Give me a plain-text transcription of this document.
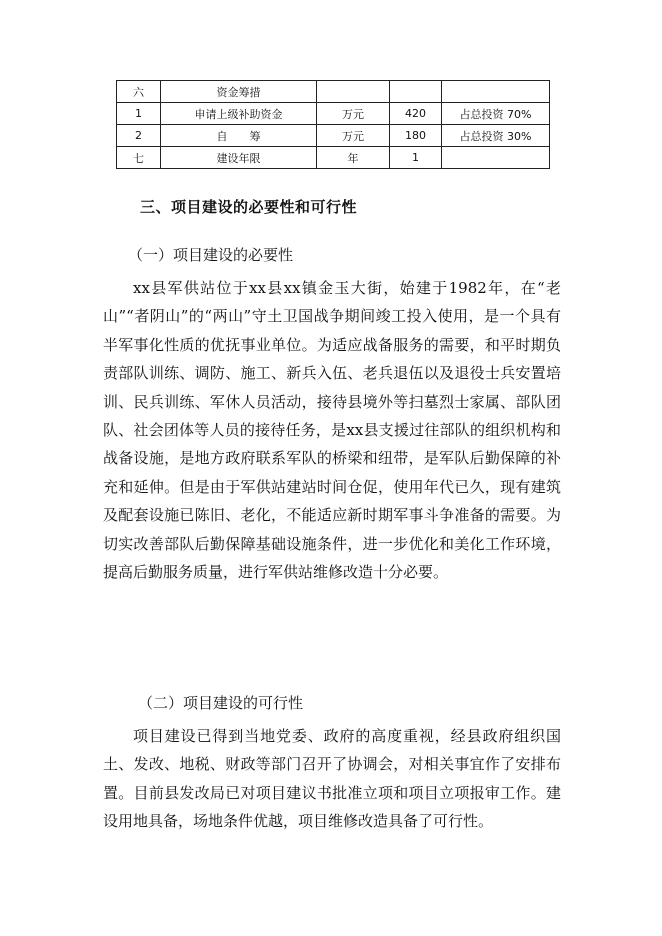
六	资金筹措			
1	申请上级补助资金	万元	420	占总投资 70%
2	自　　筹	万元	180	占总投资 30%
七	建设年限	年	1	
三、项目建设的必要性和可行性
（一）项目建设的必要性

xx县军供站位于xx县xx镇金玉大街，始建于1982年，在“老山”“者阴山”的“两山”守土卫国战争期间竣工投入使用，是一个具有半军事化性质的优抚事业单位。为适应战备服务的需要，和平时期负责部队训练、调防、施工、新兵入伍、老兵退伍以及退役士兵安置培训、民兵训练、军休人员活动，接待县境外等扫墓烈士家属、部队团队、社会团体等人员的接待任务，是xx县支援过往部队的组织机构和战备设施，是地方政府联系军队的桥梁和纽带，是军队后勤保障的补充和延伸。但是由于军供站建站时间仓促，使用年代已久，现有建筑及配套设施已陈旧、老化，不能适应新时期军事斗争准备的需要。为切实改善部队后勤保障基础设施条件，进一步优化和美化工作环境，提高后勤服务质量，进行军供站维修改造十分必要。

（二）项目建设的可行性

项目建设已得到当地党委、政府的高度重视，经县政府组织国土、发改、地税、财政等部门召开了协调会，对相关事宜作了安排布置。目前县发改局已对项目建议书批准立项和项目立项报审工作。建设用地具备，场地条件优越，项目维修改造具备了可行性。
